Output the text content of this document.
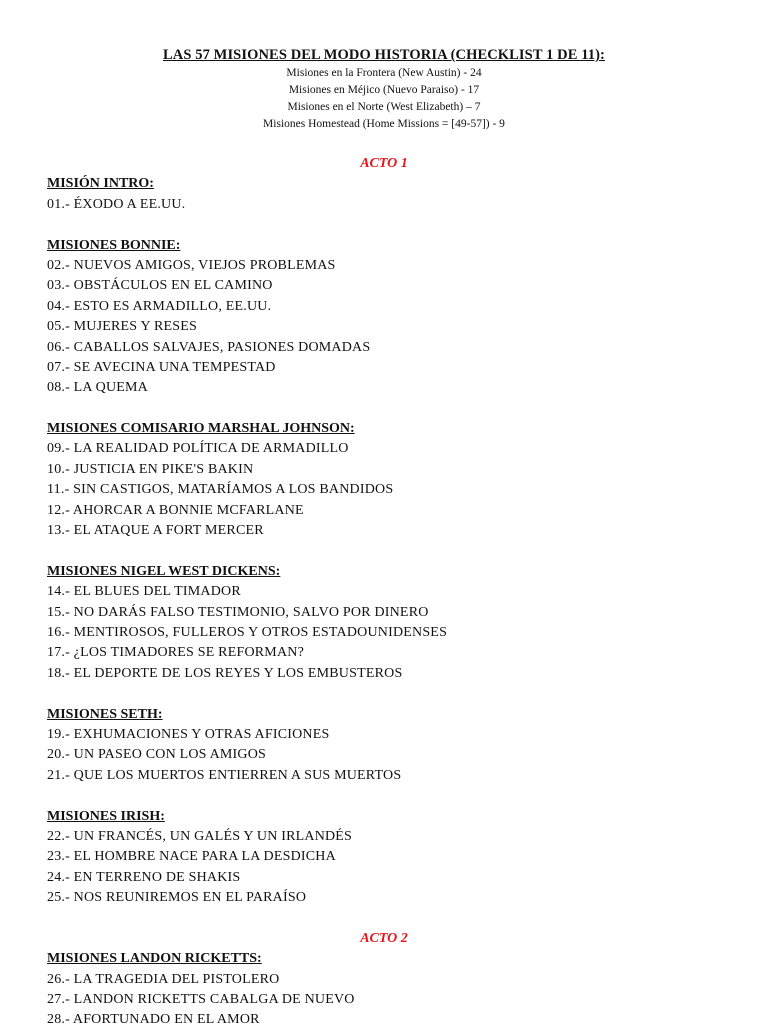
LAS 57 MISIONES DEL MODO HISTORIA (CHECKLIST 1 DE 11):
Misiones en la Frontera (New Austin) - 24
Misiones en Méjico (Nuevo Paraiso) - 17
Misiones en el Norte (West Elizabeth) – 7
Misiones Homestead (Home Missions = [49-57]) - 9
ACTO 1
MISIÓN INTRO:
01.- ÉXODO A EE.UU.
MISIONES BONNIE:
02.- NUEVOS AMIGOS, VIEJOS PROBLEMAS
03.- OBSTÁCULOS EN EL CAMINO
04.- ESTO ES ARMADILLO, EE.UU.
05.- MUJERES Y RESES
06.- CABALLOS SALVAJES, PASIONES DOMADAS
07.- SE AVECINA UNA TEMPESTAD
08.- LA QUEMA
MISIONES COMISARIO MARSHAL JOHNSON:
09.- LA REALIDAD POLÍTICA DE ARMADILLO
10.- JUSTICIA EN PIKE'S BAKIN
11.- SIN CASTIGOS, MATARÍAMOS A LOS BANDIDOS
12.- AHORCAR A BONNIE MCFARLANE
13.- EL ATAQUE A FORT MERCER
MISIONES NIGEL WEST DICKENS:
14.- EL BLUES DEL TIMADOR
15.- NO DARÁS FALSO TESTIMONIO, SALVO POR DINERO
16.- MENTIROSOS, FULLEROS Y OTROS ESTADOUNIDENSES
17.- ¿LOS TIMADORES SE REFORMAN?
18.- EL DEPORTE DE LOS REYES Y LOS EMBUSTEROS
MISIONES SETH:
19.- EXHUMACIONES Y OTRAS AFICIONES
20.- UN PASEO CON LOS AMIGOS
21.- QUE LOS MUERTOS ENTIERREN A SUS MUERTOS
MISIONES IRISH:
22.- UN FRANCÉS, UN GALÉS Y UN IRLANDÉS
23.- EL HOMBRE NACE PARA LA DESDICHA
24.- EN TERRENO DE SHAKIS
25.- NOS REUNIREMOS EN EL PARAÍSO
ACTO 2
MISIONES LANDON RICKETTS:
26.- LA TRAGEDIA DEL PISTOLERO
27.- LANDON RICKETTS CABALGA DE NUEVO
28.- AFORTUNADO EN EL AMOR
